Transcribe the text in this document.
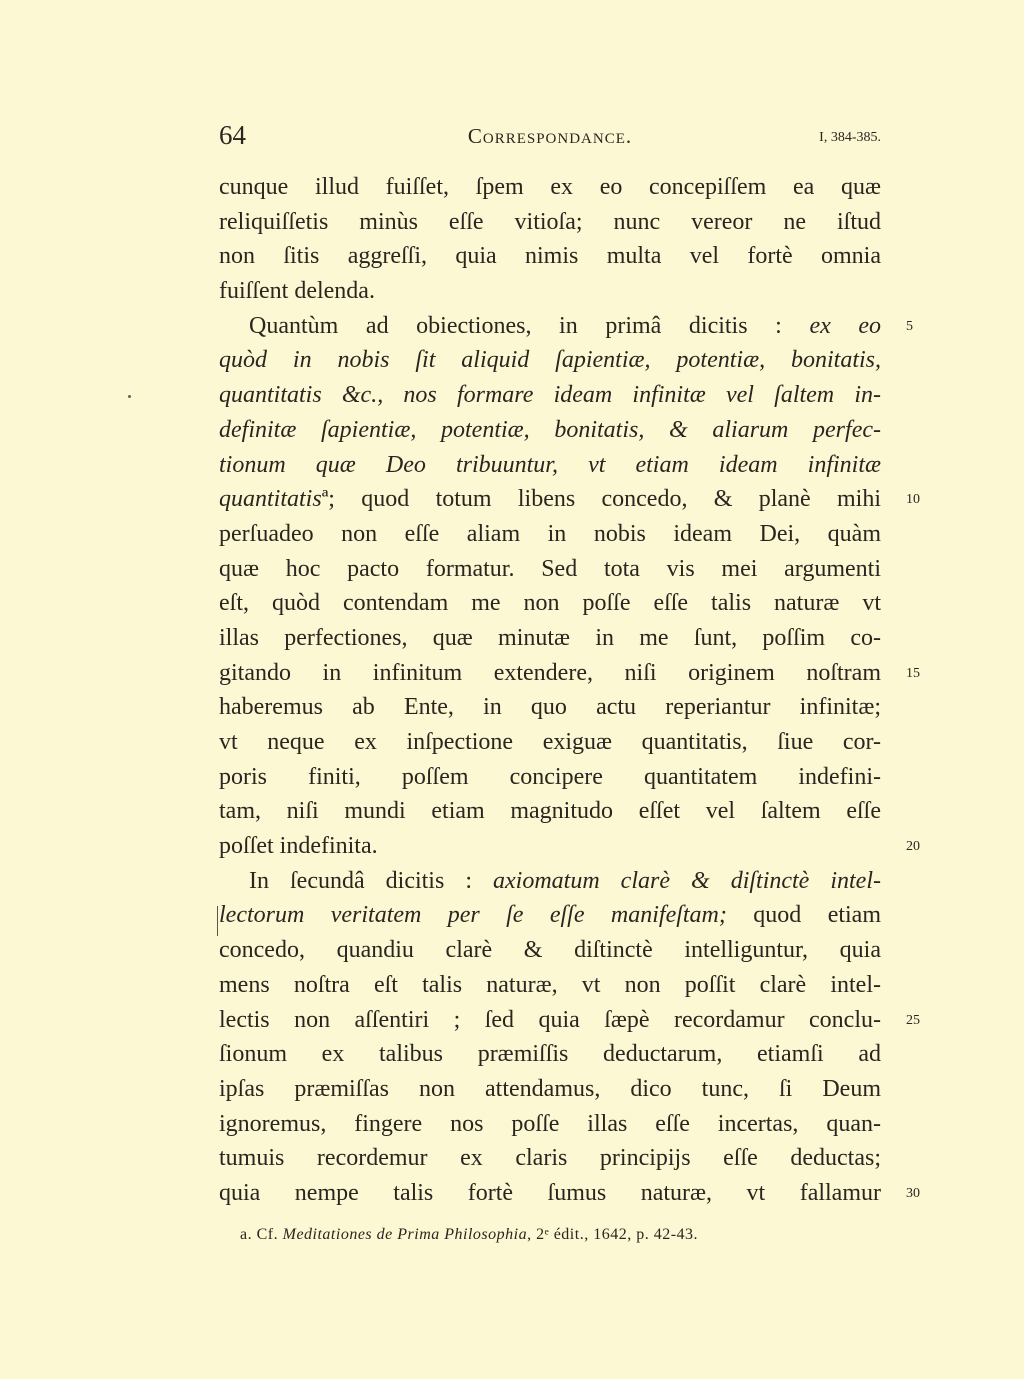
64	Correspondance.	I, 384-385.
cunque illud fuiſſet, ſpem ex eo concepiſſem ea quæ
reliquiſſetis minùs eſſe vitioſa; nunc vereor ne iſtud
non ſitis aggreſſi, quia nimis multa vel fortè omnia
fuiſſent delenda.
Quantùm ad obiectiones, in primâ dicitis : ex eo
quòd in nobis ſit aliquid ſapientiæ, potentiæ, bonitatis,
quantitatis &c., nos formare ideam infinitæ vel ſaltem in-
definitæ ſapientiæ, potentiæ, bonitatis, & aliarum perfec-
tionum quæ Deo tribuuntur, vt etiam ideam infinitæ
quantitatisª; quod totum libens concedo, & planè mihi
perſuadeo non eſſe aliam in nobis ideam Dei, quàm
quæ hoc pacto formatur. Sed tota vis mei argumenti
eſt, quòd contendam me non poſſe eſſe talis naturæ vt
illas perfectiones, quæ minutæ in me ſunt, poſſim co-
gitando in infinitum extendere, niſi originem noſtram
haberemus ab Ente, in quo actu reperiantur infinitæ;
vt neque ex inſpectione exiguæ quantitatis, ſiue cor-
poris finiti, poſſem concipere quantitatem indefini-
tam, niſi mundi etiam magnitudo eſſet vel ſaltem eſſe
poſſet indefinita.
In ſecundâ dicitis : axiomatum clarè & diſtinctè intel-
lectorum veritatem per ſe eſſe manifeſtam; quod etiam
concedo, quandiu clarè & diſtinctè intelliguntur, quia
mens noſtra eſt talis naturæ, vt non poſſit clarè intel-
lectis non aſſentiri ; ſed quia ſæpè recordamur conclu-
ſionum ex talibus præmiſſis deductarum, etiamſi ad
ipſas præmiſſas non attendamus, dico tunc, ſi Deum
ignoremus, fingere nos poſſe illas eſſe incertas, quan-
tumuis recordemur ex claris principijs eſſe deductas;
quia nempe talis fortè ſumus naturæ, vt fallamur
5
10
15
20
25
30
a. Cf. Meditationes de Prima Philosophia, 2ᵉ édit., 1642, p. 42-43.
